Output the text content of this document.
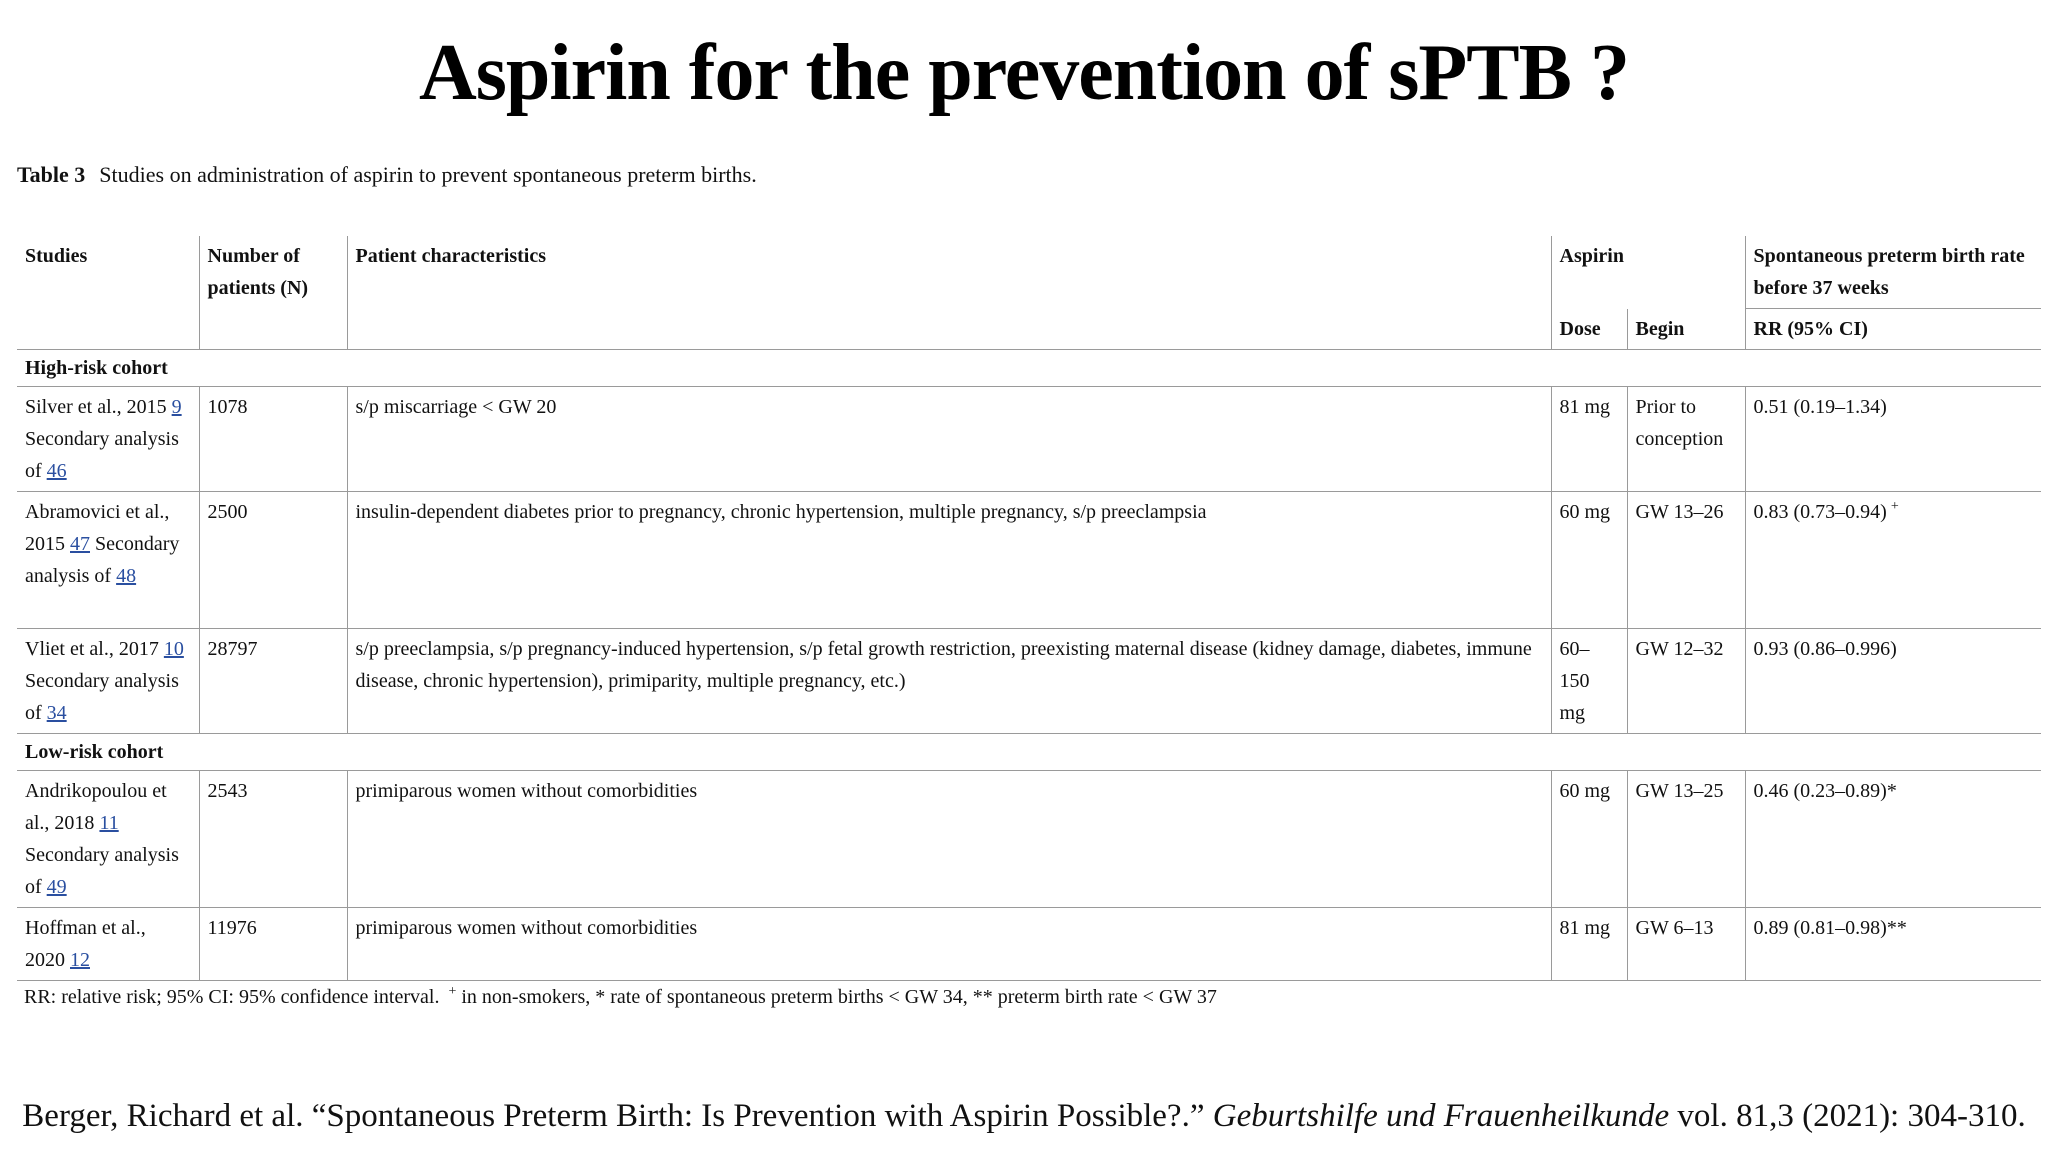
Aspirin for the prevention of sPTB ?
Table 3 Studies on administration of aspirin to prevent spontaneous preterm births.
Studies	Number of patients (N)	Patient characteristics	Aspirin		Spontaneous preterm birth rate before 37 weeks
			Dose	Begin	RR (95% CI)
High-risk cohort					
Silver et al., 2015 9 Secondary analysis of 46	1078	s/p miscarriage < GW 20	81 mg	Prior to conception	0.51 (0.19–1.34)
Abramovici et al., 2015 47 Secondary analysis of 48	2500	insulin-dependent diabetes prior to pregnancy, chronic hypertension, multiple pregnancy, s/p preeclampsia	60 mg	GW 13–26	0.83 (0.73–0.94) +
Vliet et al., 2017 10 Secondary analysis of 34	28797	s/p preeclampsia, s/p pregnancy-induced hypertension, s/p fetal growth restriction, preexisting maternal disease (kidney damage, diabetes, immune disease, chronic hypertension), primiparity, multiple pregnancy, etc.)	60–150 mg	GW 12–32	0.93 (0.86–0.996)
Low-risk cohort					
Andrikopoulou et al., 2018 11 Secondary analysis of 49	2543	primiparous women without comorbidities	60 mg	GW 13–25	0.46 (0.23–0.89)*
Hoffman et al., 2020 12	11976	primiparous women without comorbidities	81 mg	GW 6–13	0.89 (0.81–0.98)**
RR: relative risk; 95% CI: 95% confidence interval. + in non-smokers, * rate of spontaneous preterm births < GW 34, ** preterm birth rate < GW 37
Berger, Richard et al. “Spontaneous Preterm Birth: Is Prevention with Aspirin Possible?.” Geburtshilfe und Frauenheilkunde vol. 81,3 (2021): 304-310.
